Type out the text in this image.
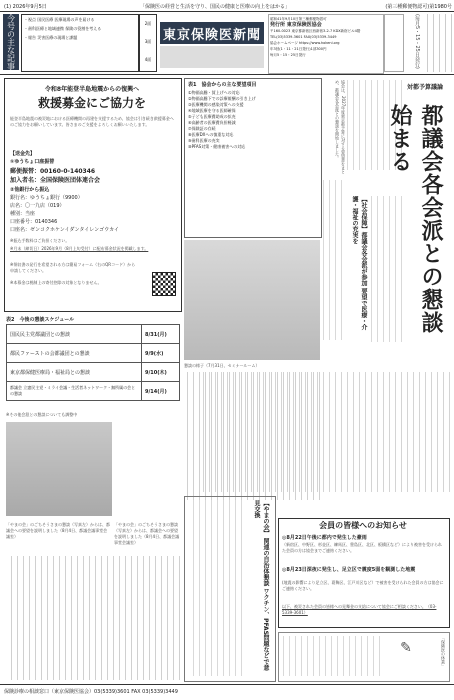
(1) 2026年9月5日	「保険医の経営と生活を守り、国民の健康と医療の向上をはかる」	(第三種郵便物認可)第1980号
今号の主な記事	・視点 国民医療 医療現場の声を届ける
・歯科医療と地域連携 保険の役割を考える
・報告 災害医療の現場と課題
2面
3面
4面
東京保険医新聞
昭和41年9月10日第三種郵便物認可
発行所 東京保険医協会
〒160-0023 東京都新宿区西新宿3-2-7 KDX新宿ビル4階
TEL(03)5339-3601 FAX(03)5339-3449
協会ホームページ https://www.hokeni.org
年3回(1・11・21日発行)1部300円
毎月5・15・25日発行	(毎月5・15・25日発行)
令和8年能登半島地震からの復興へ
救援募金にご協力を
能登半島地震の被災地における医療機関の再建を支援するため、協会は引き続き救援募金へのご協力をお願いしています。皆さまのご支援をよろしくお願いいたします。
【送金先】
①ゆうちょ口座振替
郵便振替：00160-0-140346
加入者名：全国保険医団体連合会
②他銀行から振込
銀行名：ゆうちょ銀行（9900）
店名：〇一九店（019）
種別：当座
口座番号：0140346
口座名：ゼンコクホケンイダンタイレンゴウカイ
※振込手数料はご負担ください。
※月末（締切日）2026年9月（8月上旬受付）に配布募金状況を掲載します。
※領収書の発行を希望される方は簡易フォーム（右のQRコード）から申請してください。
※本募金は税制上の寄付控除の対象となりません。
表2　今後の懇談スケジュール
国民民主党都議団との懇談	8/31(月)
都民ファーストの会都議団との懇談	9/9(水)
東京都保健医療局・福祉局との懇談	9/10(木)
都議会 立憲民主党・ミライ会議・生活者ネットワーク・無所属の会との懇談	9/14(月)
※その他会派との懇談についても調整中
「やまの会」のごちそうさまの懇談（写真左）からは、都議会への要望を説明しました（8月4日、都議会議事堂会議室）
「やまの会」のごちそうさまの懇談（写真左）からは、都議会への要望を説明しました（8月4日、都議会議事堂会議室）
表1　協会からの主な要望項目
①物価高騰・賃上げへの対応
②物価高騰下での診療報酬の引き上げ
③医療機関の感染対策への支援
④地域医療を守る医師確保
⑤子ども医療費助成の拡充
⑥高齢者の医療費負担軽減
⑦保険証の存続
⑧医療DXへの慎重な対応
⑨歯科医療の充実
⑩PFAS対策・健康被害への対応
懇談の様子（7月31日、セミナールーム）
協会は、2027年度東京都予算に対する要望書をまとめ、都議会各会派との懇談を開始しました。	対都予算議論
都議会各会派との懇談始まる
【社会保障】都議会各会派が参加 要望で医療・介護・福祉の充実を
【やまの会】 関連の自治体懇談 ワクチン、PFAS問題などで意見交換
会員の皆様へのお知らせ
◎8月22日午後に都内で発生した豪雨
（新宿区、中野区、杉並区、練馬区、豊島区、北区、板橋区など）により被害を受けられた会員の方は協会までご連絡ください。
◎8月23日深夜に発生し、足立区で震度5弱を観測した地震
(地震の影響により足立区、葛飾区、江戸川区など）で被害を受けられた会員の方は協会にご連絡ください。
以下、被災された会員の皆様への見舞金の支給について協会にご相談ください。（03-5339-3601）
✎	「保険医の休業」
保険診療の相談窓口（東京保険医協会）03(5339)3601 FAX 03(5339)3449
